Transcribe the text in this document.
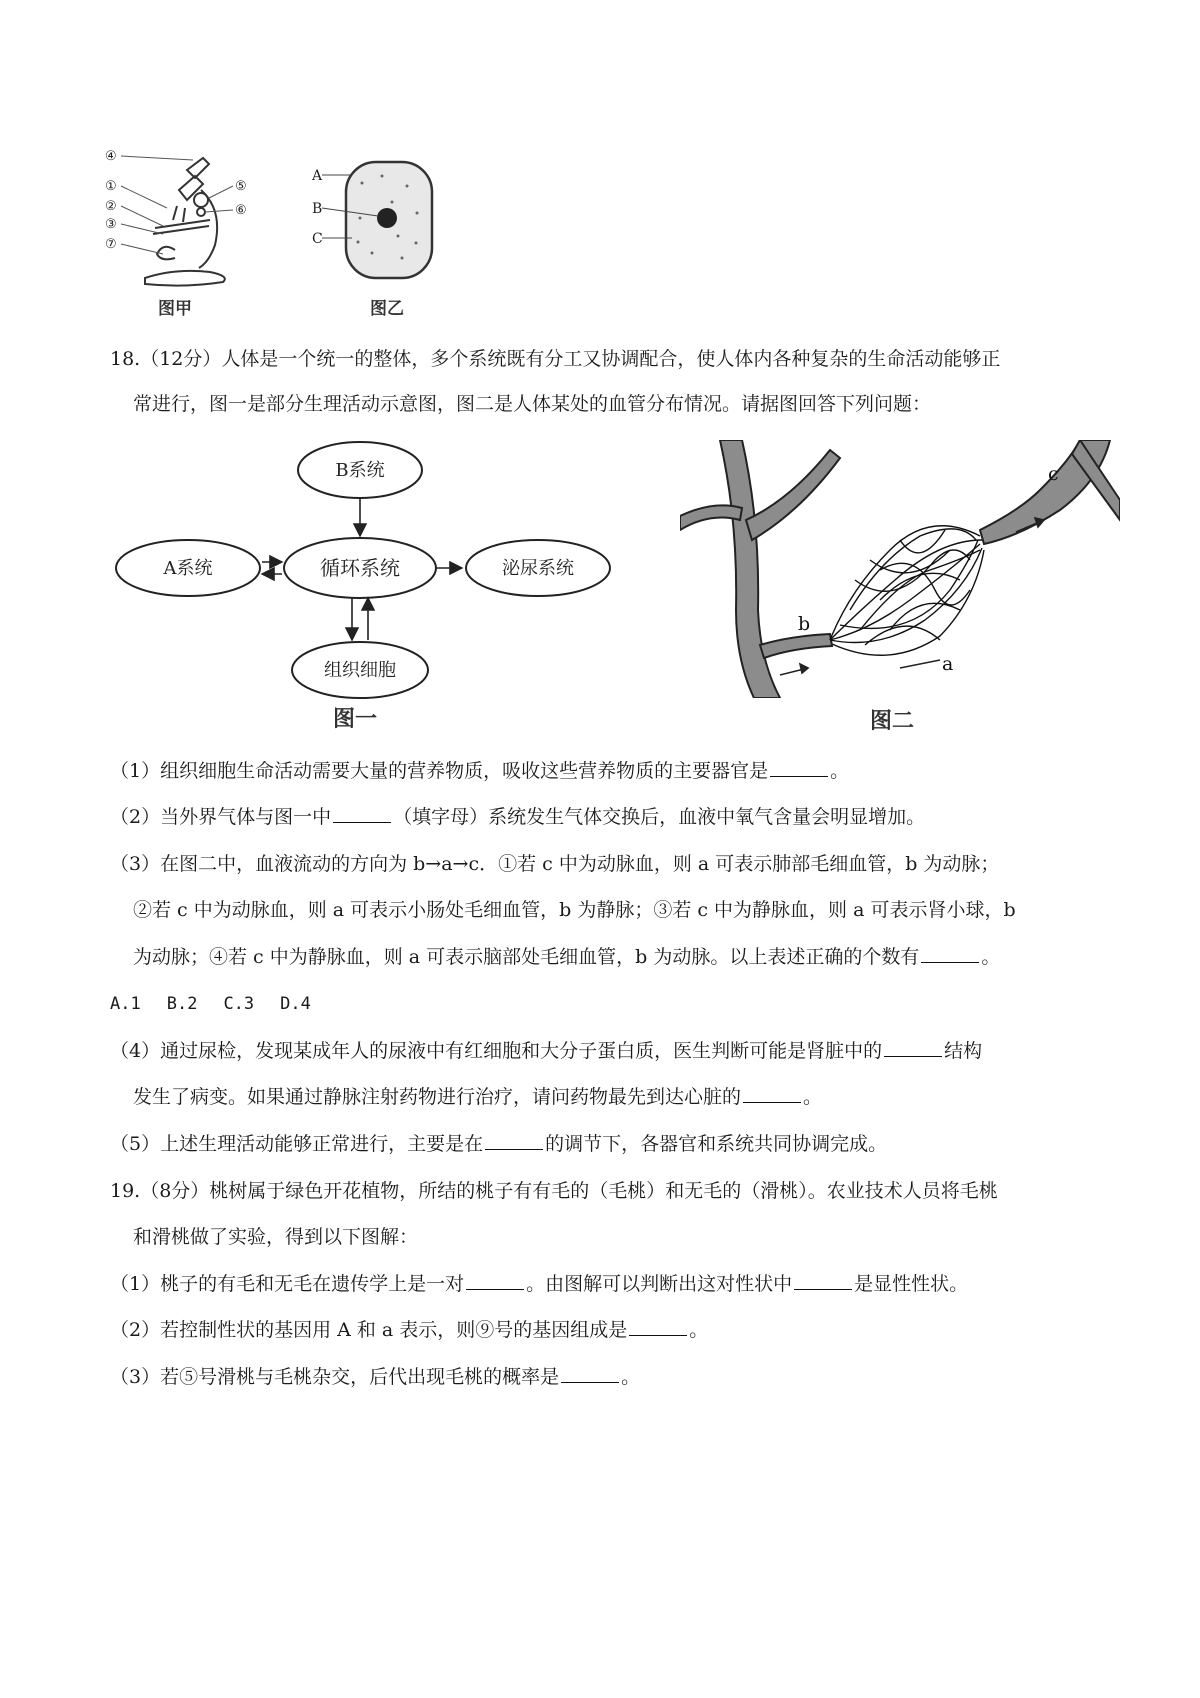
④
①
②
③
⑦
⑤
⑥
图甲
A
B
C
图乙
18.（12分）人体是一个统一的整体，多个系统既有分工又协调配合，使人体内各种复杂的生命活动能够正
常进行，图一是部分生理活动示意图，图二是人体某处的血管分布情况。请据图回答下列问题：
B系统
A系统	循环系统	泌尿系统
组织细胞
图一
a
b
c
图二
（1）组织细胞生命活动需要大量的营养物质，吸收这些营养物质的主要器官是	。
（2）当外界气体与图一中	（填字母）系统发生气体交换后，血液中氧气含量会明显增加。
（3）在图二中，血液流动的方向为 b→a→c．①若 c 中为动脉血，则 a 可表示肺部毛细血管，b 为动脉；
②若 c 中为动脉血，则 a 可表示小肠处毛细血管，b 为静脉；③若 c 中为静脉血，则 a 可表示肾小球，b
为动脉；④若 c 中为静脉血，则 a 可表示脑部处毛细血管，b 为动脉。以上表述正确的个数有	。
A.1 B.2 C.3 D.4
（4）通过尿检，发现某成年人的尿液中有红细胞和大分子蛋白质，医生判断可能是肾脏中的	结构
发生了病变。如果通过静脉注射药物进行治疗，请问药物最先到达心脏的	。
（5）上述生理活动能够正常进行，主要是在	的调节下，各器官和系统共同协调完成。
19.（8分）桃树属于绿色开花植物，所结的桃子有有毛的（毛桃）和无毛的（滑桃）。农业技术人员将毛桃
和滑桃做了实验，得到以下图解：
（1）桃子的有毛和无毛在遗传学上是一对	。由图解可以判断出这对性状中	是显性性状。
（2）若控制性状的基因用 A 和 a 表示，则⑨号的基因组成是	。
（3）若⑤号滑桃与毛桃杂交，后代出现毛桃的概率是	。
